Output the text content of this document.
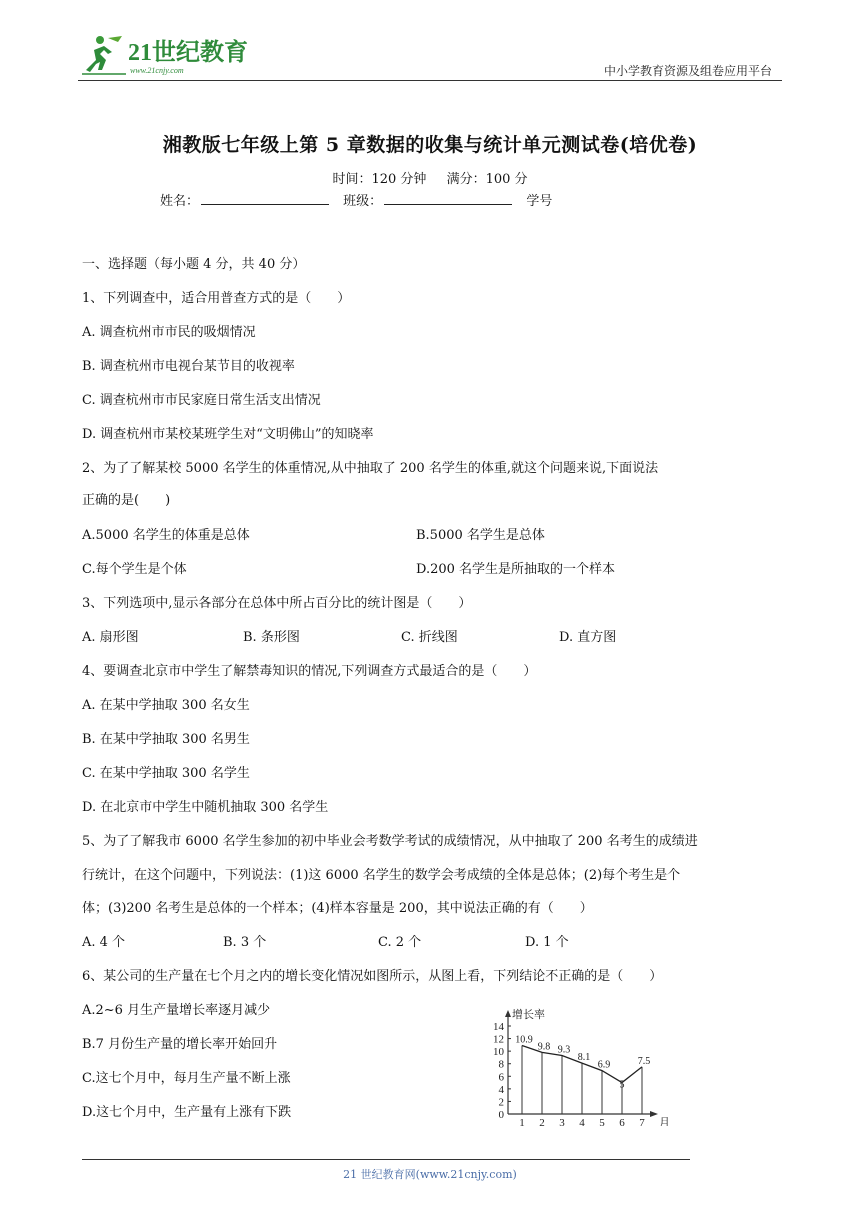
21世纪教育
www.21cnjy.com	中小学教育资源及组卷应用平台
湘教版七年级上第 5 章数据的收集与统计单元测试卷(培优卷)
时间：120 分钟 满分：100 分
姓名：	班级：	学号
一、选择题（每小题 4 分，共 40 分）
1、下列调查中，适合用普查方式的是（　　）
A. 调查杭州市市民的吸烟情况
B. 调查杭州市电视台某节目的收视率
C. 调查杭州市市民家庭日常生活支出情况
D. 调查杭州市某校某班学生对“文明佛山”的知晓率
2、为了了解某校 5000 名学生的体重情况,从中抽取了 200 名学生的体重,就这个问题来说,下面说法
正确的是(　　)
A.5000 名学生的体重是总体	B.5000 名学生是总体
C.每个学生是个体	D.200 名学生是所抽取的一个样本
3、下列选项中,显示各部分在总体中所占百分比的统计图是（　　）
A. 扇形图	B. 条形图	C. 折线图	D. 直方图
4、要调查北京市中学生了解禁毒知识的情况,下列调查方式最适合的是（　　）
A. 在某中学抽取 300 名女生
B. 在某中学抽取 300 名男生
C. 在某中学抽取 300 名学生
D. 在北京市中学生中随机抽取 300 名学生
5、为了了解我市 6000 名学生参加的初中毕业会考数学考试的成绩情况，从中抽取了 200 名考生的成绩进
行统计，在这个问题中，下列说法：(1)这 6000 名学生的数学会考成绩的全体是总体；(2)每个考生是个
体；(3)200 名考生是总体的一个样本；(4)样本容量是 200，其中说法正确的有（　　）
A. 4 个	B. 3 个	C. 2 个	D. 1 个
6、某公司的生产量在七个月之内的增长变化情况如图所示，从图上看，下列结论不正确的是（　　）
A.2~6 月生产量增长率逐月减少
B.7 月份生产量的增长率开始回升
C.这七个月中，每月生产量不断上涨
D.这七个月中，生产量有上涨有下跌
增长率
月
0
2
4
6
8
10
12
14
1 2 3 4 5 6 7
10.9
9.8 9.3
8.1
6.9
5
7.5
21 世纪教育网(www.21cnjy.com)
